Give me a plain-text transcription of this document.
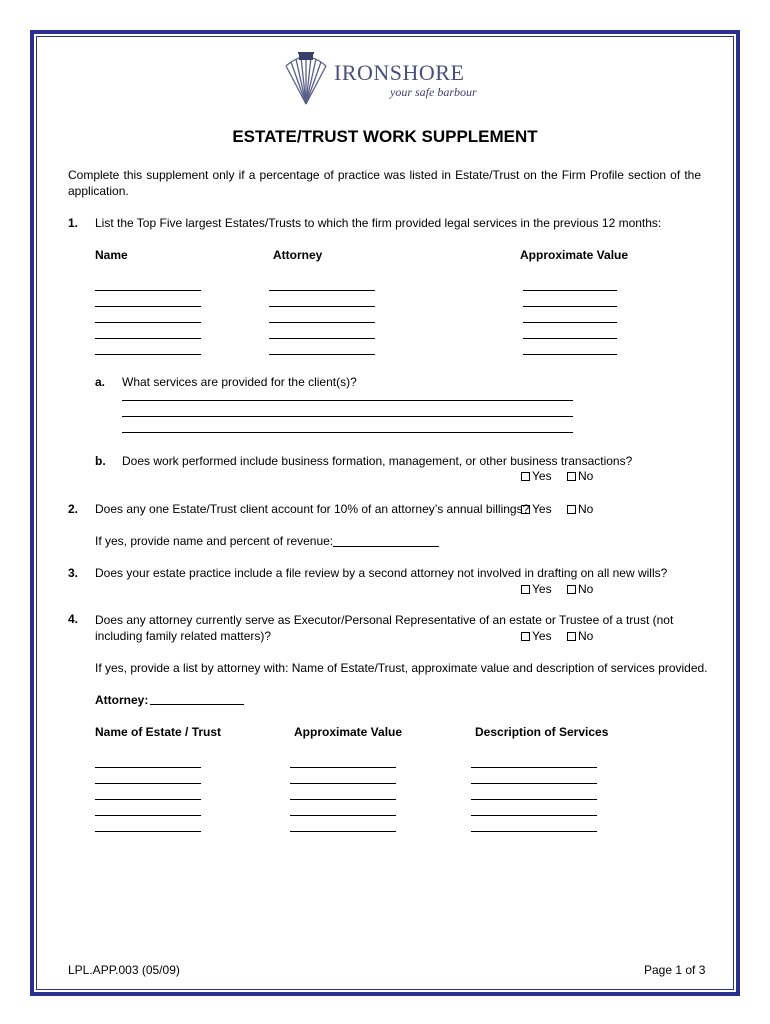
IRONSHORE
your safe barbour
ESTATE/TRUST WORK SUPPLEMENT
Complete this supplement only if a percentage of practice was listed in Estate/Trust on the Firm Profile section of the application.
1. List the Top Five largest Estates/Trusts to which the firm provided legal services in the previous 12 months:
Name	Attorney	Approximate Value
a. What services are provided for the client(s)?
b. Does work performed include business formation, management, or other business transactions?
Yes	No
2. Does any one Estate/Trust client account for 10% of an attorney’s annual billings? Yes	No
If yes, provide name and percent of revenue:
3. Does your estate practice include a file review by a second attorney not involved in drafting on all new wills?
Yes	No
4. Does any attorney currently serve as Executor/Personal Representative of an estate or Trustee of a trust (not including family related matters)?	Yes	No
If yes, provide a list by attorney with: Name of Estate/Trust, approximate value and description of services provided.
Attorney:
Name of Estate / Trust	Approximate Value	Description of Services
LPL.APP.003 (05/09)	Page 1 of 3
